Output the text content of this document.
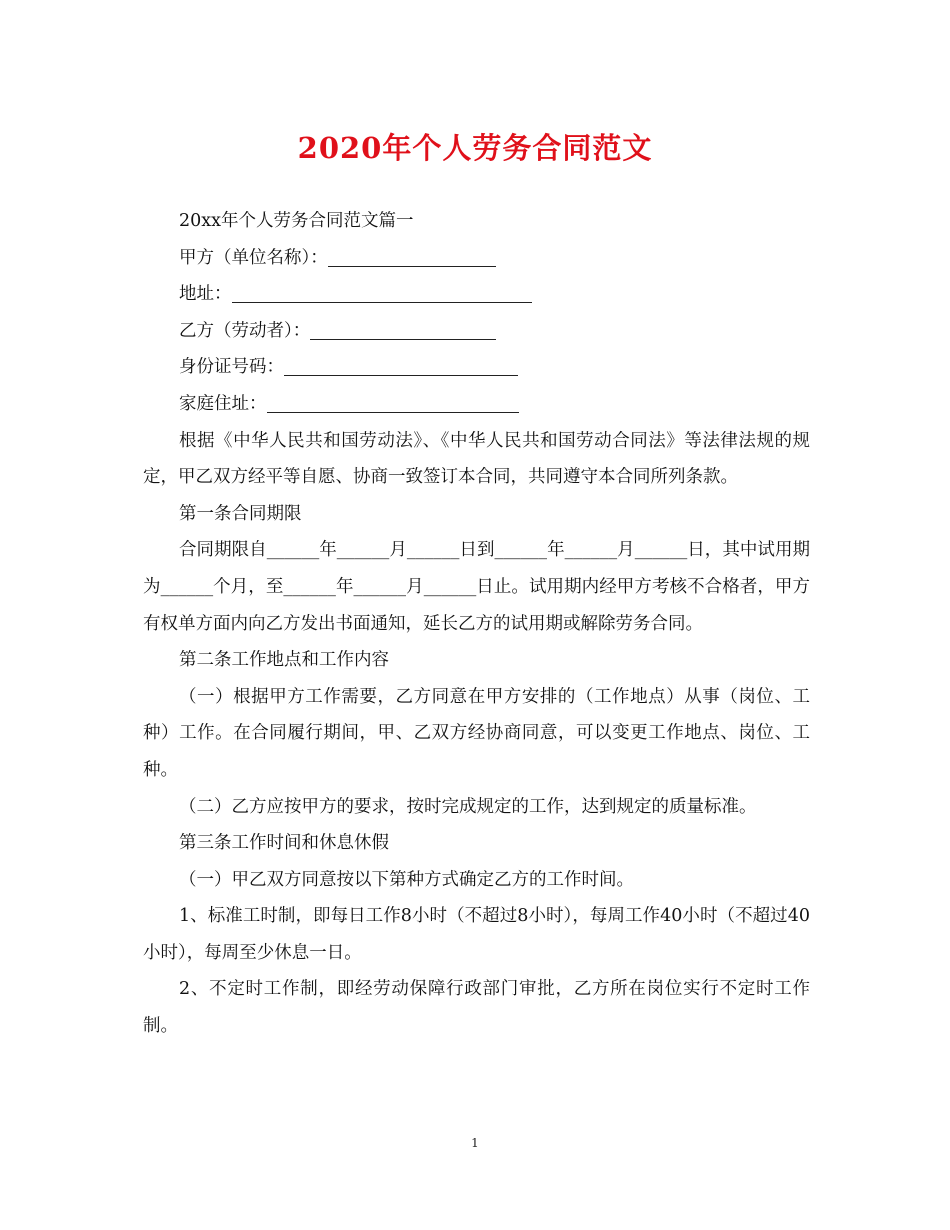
2020年个人劳务合同范文

20xx年个人劳务合同范文篇一

甲方（单位名称）：

地址：

乙方（劳动者）：

身份证号码：

家庭住址：

根据《中华人民共和国劳动法》、《中华人民共和国劳动合同法》等法律法规的规定，甲乙双方经平等自愿、协商一致签订本合同，共同遵守本合同所列条款。

第一条合同期限

合同期限自______年______月______日到______年______月______日，其中试用期为______个月，至______年______月______日止。试用期内经甲方考核不合格者，甲方有权单方面内向乙方发出书面通知，延长乙方的试用期或解除劳务合同。

第二条工作地点和工作内容

（一）根据甲方工作需要，乙方同意在甲方安排的（工作地点）从事（岗位、工种）工作。在合同履行期间，甲、乙双方经协商同意，可以变更工作地点、岗位、工种。

（二）乙方应按甲方的要求，按时完成规定的工作，达到规定的质量标准。

第三条工作时间和休息休假

（一）甲乙双方同意按以下第种方式确定乙方的工作时间。

1、标准工时制，即每日工作8小时（不超过8小时），每周工作40小时（不超过40小时），每周至少休息一日。

2、不定时工作制，即经劳动保障行政部门审批，乙方所在岗位实行不定时工作制。

1
